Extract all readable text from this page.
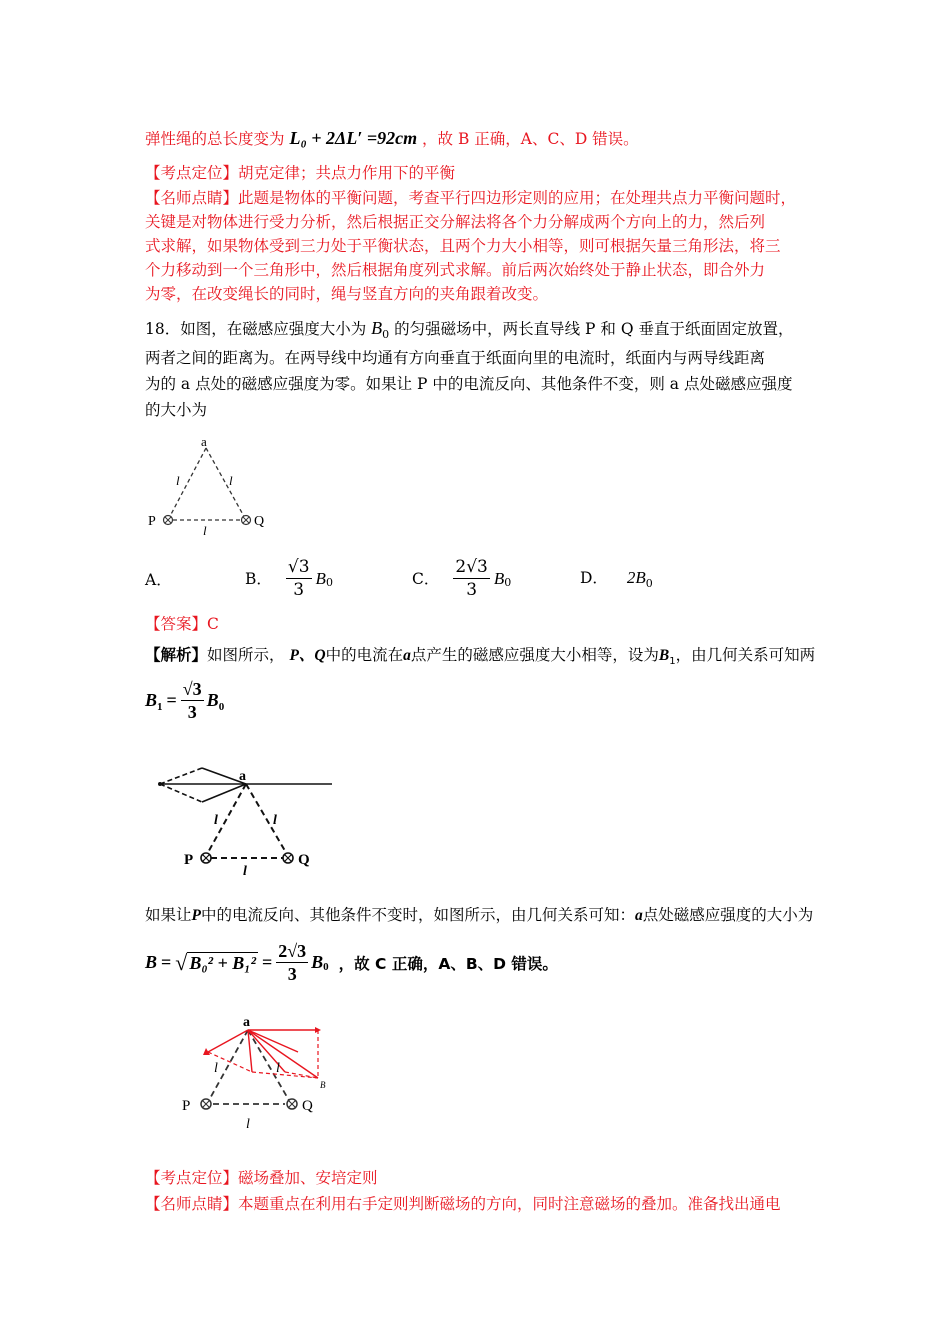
弹性绳的总长度变为 L₀ + 2ΔL′ =92cm ，故 B 正确，A、C、D 错误。
【考点定位】胡克定律；共点力作用下的平衡
【名师点睛】此题是物体的平衡问题，考查平行四边形定则的应用；在处理共点力平衡问题时，
关键是对物体进行受力分析，然后根据正交分解法将各个力分解成两个方向上的力，然后列
式求解，如果物体受到三力处于平衡状态，且两个力大小相等，则可根据矢量三角形法，将三
个力移动到一个三角形中，然后根据角度列式求解。前后两次始终处于静止状态，即合外力
为零，在改变绳长的同时，绳与竖直方向的夹角跟着改变。
18．如图，在磁感应强度大小为 $B_0$ 的匀强磁场中，两长直导线 P 和 Q 垂直于纸面固定放置，
两者之间的距离为。在两导线中均通有方向垂直于纸面向里的电流时，纸面内与两导线距离
为的 a 点处的磁感应强度为零。如果让 P 中的电流反向、其他条件不变，则 a 点处磁感应强度
的大小为
a
l	l
l
P	Q
A．	B． $\frac{√3}{3} B_0$	C． $\frac{2√3}{3} B_0$	D． $2B_0$
【答案】C
【解析】如图所示， P、Q中的电流在a点产生的磁感应强度大小相等，设为$B_1$，由几何关系可知两
$B_1 = \frac{√3}{3} B_0$
a
l	l
l
P	Q
如果让P中的电流反向、其他条件不变时，如图所示，由几何关系可知：a点处磁感应强度的大小为
B = √ $B_0^2 + B_1^2 = \frac{2√3}{3} B_0$ ，故 C 正确，A、B、D 错误。
a
l	l
l
B
P	Q
【考点定位】磁场叠加、安培定则
【名师点睛】本题重点在利用右手定则判断磁场的方向，同时注意磁场的叠加。准备找出通电
